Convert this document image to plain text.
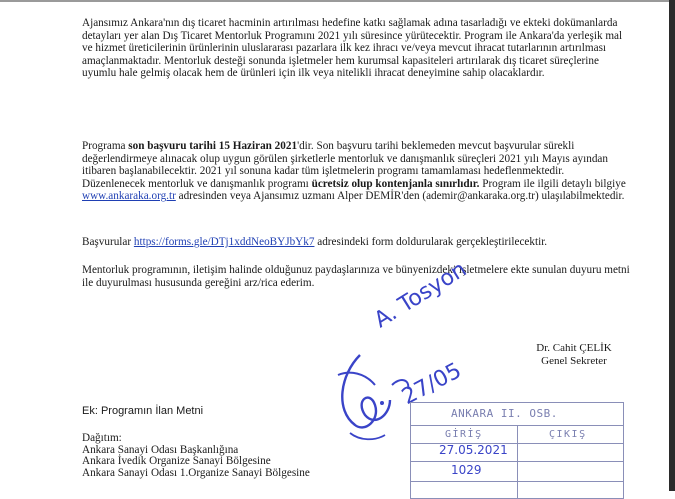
Ajansımız Ankara'nın dış ticaret hacminin artırılması hedefine katkı sağlamak adına tasarladığı ve ekteki dokümanlarda detayları yer alan Dış Ticaret Mentorluk Programını 2021 yılı süresince yürütecektir. Program ile Ankara'da yerleşik mal ve hizmet üreticilerinin ürünlerinin uluslararası pazarlara ilk kez ihracı ve/veya mevcut ihracat tutarlarının artırılması amaçlanmaktadır. Mentorluk desteği sonunda işletmeler hem kurumsal kapasiteleri artırılarak dış ticaret süreçlerine uyumlu hale gelmiş olacak hem de ürünleri için ilk veya nitelikli ihracat deneyimine sahip olacaklardır.

Programa son başvuru tarihi 15 Haziran 2021'dir. Son başvuru tarihi beklemeden mevcut başvurular sürekli değerlendirmeye alınacak olup uygun görülen şirketlerle mentorluk ve danışmanlık süreçleri 2021 yılı Mayıs ayından itibaren başlanabilecektir. 2021 yıl sonuna kadar tüm işletmelerin programı tamamlaması hedeflenmektedir. Düzenlenecek mentorluk ve danışmanlık programı ücretsiz olup kontenjanla sınırlıdır. Program ile ilgili detaylı bilgiye www.ankaraka.org.tr adresinden veya Ajansımız uzmanı Alper DEMİR'den (ademir@ankaraka.org.tr) ulaşılabilmektedir.

Başvurular https://forms.gle/DTj1xddNeoBYJbYk7 adresindeki form doldurularak gerçekleştirilecektir.

Mentorluk programının, iletişim halinde olduğunuz paydaşlarınıza ve bünyenizdeki işletmelere ekte sunulan duyuru metni ile duyurulması hususunda gereğini arz/rica ederim.

Dr. Cahit ÇELİK
Genel Sekreter
A. Tosyon
27/05
Ek: Programın İlan Metni
Dağıtım:
Ankara Sanayi Odası Başkanlığına
Ankara İvedik Organize Sanayi Bölgesine
Ankara Sanayi Odası 1.Organize Sanayi Bölgesine
ANKARA II. OSB.
GİRİŞ	ÇIKIŞ
27.05.2021
1029
